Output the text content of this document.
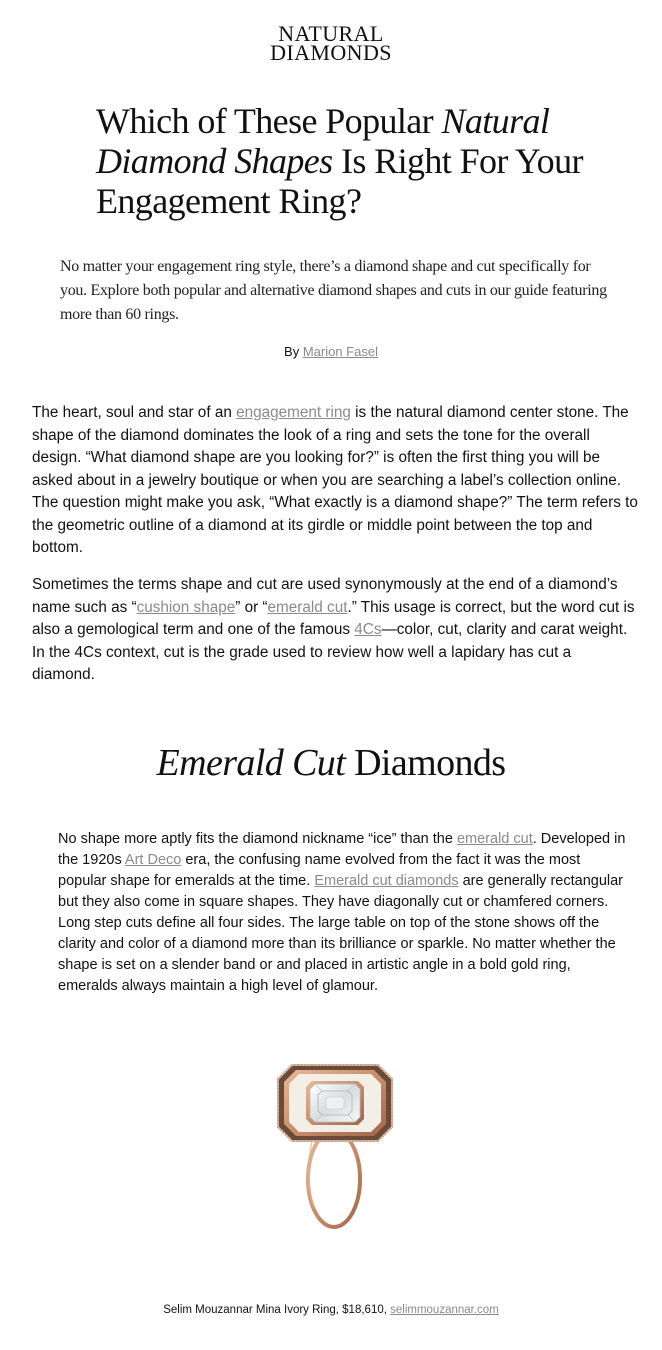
NATURAL
DIAMONDS
Which of These Popular Natural Diamond Shapes Is Right For Your Engagement Ring?

No matter your engagement ring style, there’s a diamond shape and cut specifically for you. Explore both popular and alternative diamond shapes and cuts in our guide featuring more than 60 rings.

By Marion Fasel

The heart, soul and star of an engagement ring is the natural diamond center stone. The shape of the diamond dominates the look of a ring and sets the tone for the overall design. “What diamond shape are you looking for?” is often the first thing you will be asked about in a jewelry boutique or when you are searching a label’s collection online. The question might make you ask, “What exactly is a diamond shape?” The term refers to the geometric outline of a diamond at its girdle or middle point between the top and bottom.

Sometimes the terms shape and cut are used synonymously at the end of a diamond’s name such as “cushion shape” or “emerald cut.” This usage is correct, but the word cut is also a gemological term and one of the famous 4Cs—color, cut, clarity and carat weight. In the 4Cs context, cut is the grade used to review how well a lapidary has cut a diamond.

Emerald Cut Diamonds

No shape more aptly fits the diamond nickname “ice” than the emerald cut. Developed in the 1920s Art Deco era, the confusing name evolved from the fact it was the most popular shape for emeralds at the time. Emerald cut diamonds are generally rectangular but they also come in square shapes. They have diagonally cut or chamfered corners. Long step cuts define all four sides. The large table on top of the stone shows off the clarity and color of a diamond more than its brilliance or sparkle. No matter whether the shape is set on a slender band or and placed in artistic angle in a bold gold ring, emeralds always maintain a high level of glamour.

Selim Mouzannar Mina Ivory Ring, $18,610, selimmouzannar.com
